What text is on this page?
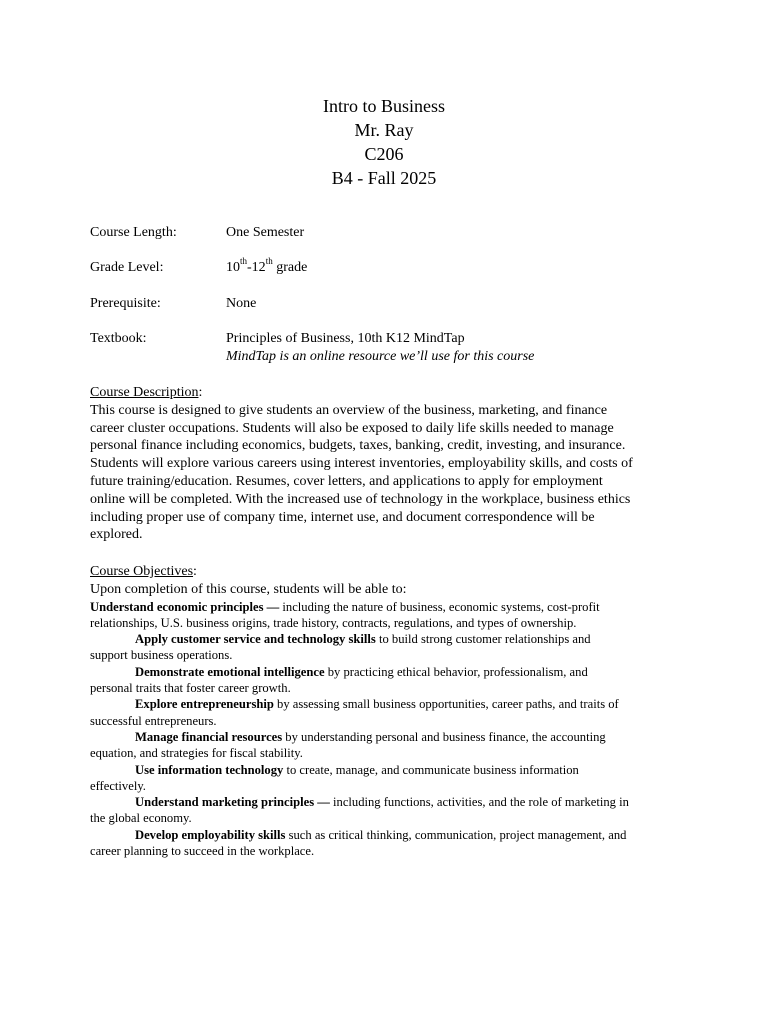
Intro to Business
Mr. Ray
C206
B4 - Fall 2025
Course Length:	One Semester
Grade Level:	10th-12th grade
Prerequisite:	None
Textbook:	Principles of Business, 10th K12 MindTap
MindTap is an online resource we’ll use for this course
Course Description:
This course is designed to give students an overview of the business, marketing, and finance
career cluster occupations. Students will also be exposed to daily life skills needed to manage
personal finance including economics, budgets, taxes, banking, credit, investing, and insurance.
Students will explore various careers using interest inventories, employability skills, and costs of
future training/education. Resumes, cover letters, and applications to apply for employment
online will be completed. With the increased use of technology in the workplace, business ethics
including proper use of company time, internet use, and document correspondence will be
explored.
Course Objectives:
Upon completion of this course, students will be able to:

Understand economic principles — including the nature of business, economic systems, cost-profit
relationships, U.S. business origins, trade history, contracts, regulations, and types of ownership.

Apply customer service and technology skills to build strong customer relationships and
support business operations.

Demonstrate emotional intelligence by practicing ethical behavior, professionalism, and
personal traits that foster career growth.

Explore entrepreneurship by assessing small business opportunities, career paths, and traits of
successful entrepreneurs.

Manage financial resources by understanding personal and business finance, the accounting
equation, and strategies for fiscal stability.

Use information technology to create, manage, and communicate business information
effectively.

Understand marketing principles — including functions, activities, and the role of marketing in
the global economy.

Develop employability skills such as critical thinking, communication, project management, and
career planning to succeed in the workplace.
